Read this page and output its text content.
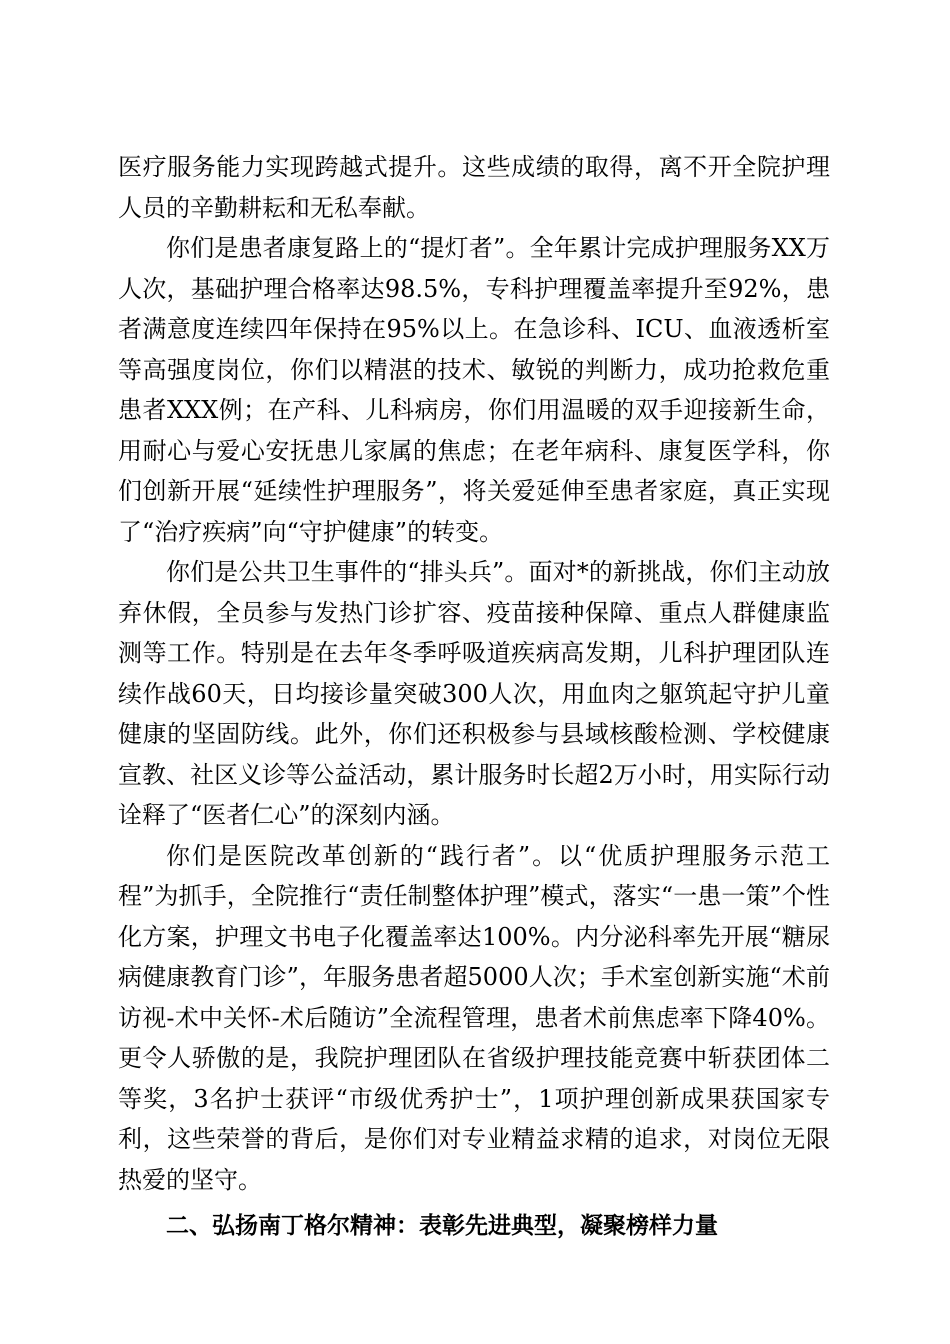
医疗服务能力实现跨越式提升。这些成绩的取得，离不开全院护理人员的辛勤耕耘和无私奉献。

你们是患者康复路上的“提灯者”。全年累计完成护理服务XX万人次，基础护理合格率达98.5%，专科护理覆盖率提升至92%，患者满意度连续四年保持在95%以上。在急诊科、ICU、血液透析室等高强度岗位，你们以精湛的技术、敏锐的判断力，成功抢救危重患者XXX例；在产科、儿科病房，你们用温暖的双手迎接新生命，用耐心与爱心安抚患儿家属的焦虑；在老年病科、康复医学科，你们创新开展“延续性护理服务”，将关爱延伸至患者家庭，真正实现了“治疗疾病”向“守护健康”的转变。

你们是公共卫生事件的“排头兵”。面对*的新挑战，你们主动放弃休假，全员参与发热门诊扩容、疫苗接种保障、重点人群健康监测等工作。特别是在去年冬季呼吸道疾病高发期，儿科护理团队连续作战60天，日均接诊量突破300人次，用血肉之躯筑起守护儿童健康的坚固防线。此外，你们还积极参与县域核酸检测、学校健康宣教、社区义诊等公益活动，累计服务时长超2万小时，用实际行动诠释了“医者仁心”的深刻内涵。

你们是医院改革创新的“践行者”。以“优质护理服务示范工程”为抓手，全院推行“责任制整体护理”模式，落实“一患一策”个性化方案，护理文书电子化覆盖率达100%。内分泌科率先开展“糖尿病健康教育门诊”，年服务患者超5000人次；手术室创新实施“术前访视-术中关怀-术后随访”全流程管理，患者术前焦虑率下降40%。更令人骄傲的是，我院护理团队在省级护理技能竞赛中斩获团体二等奖，3名护士获评“市级优秀护士”，1项护理创新成果获国家专利，这些荣誉的背后，是你们对专业精益求精的追求，对岗位无限热爱的坚守。

二、弘扬南丁格尔精神：表彰先进典型，凝聚榜样力量
